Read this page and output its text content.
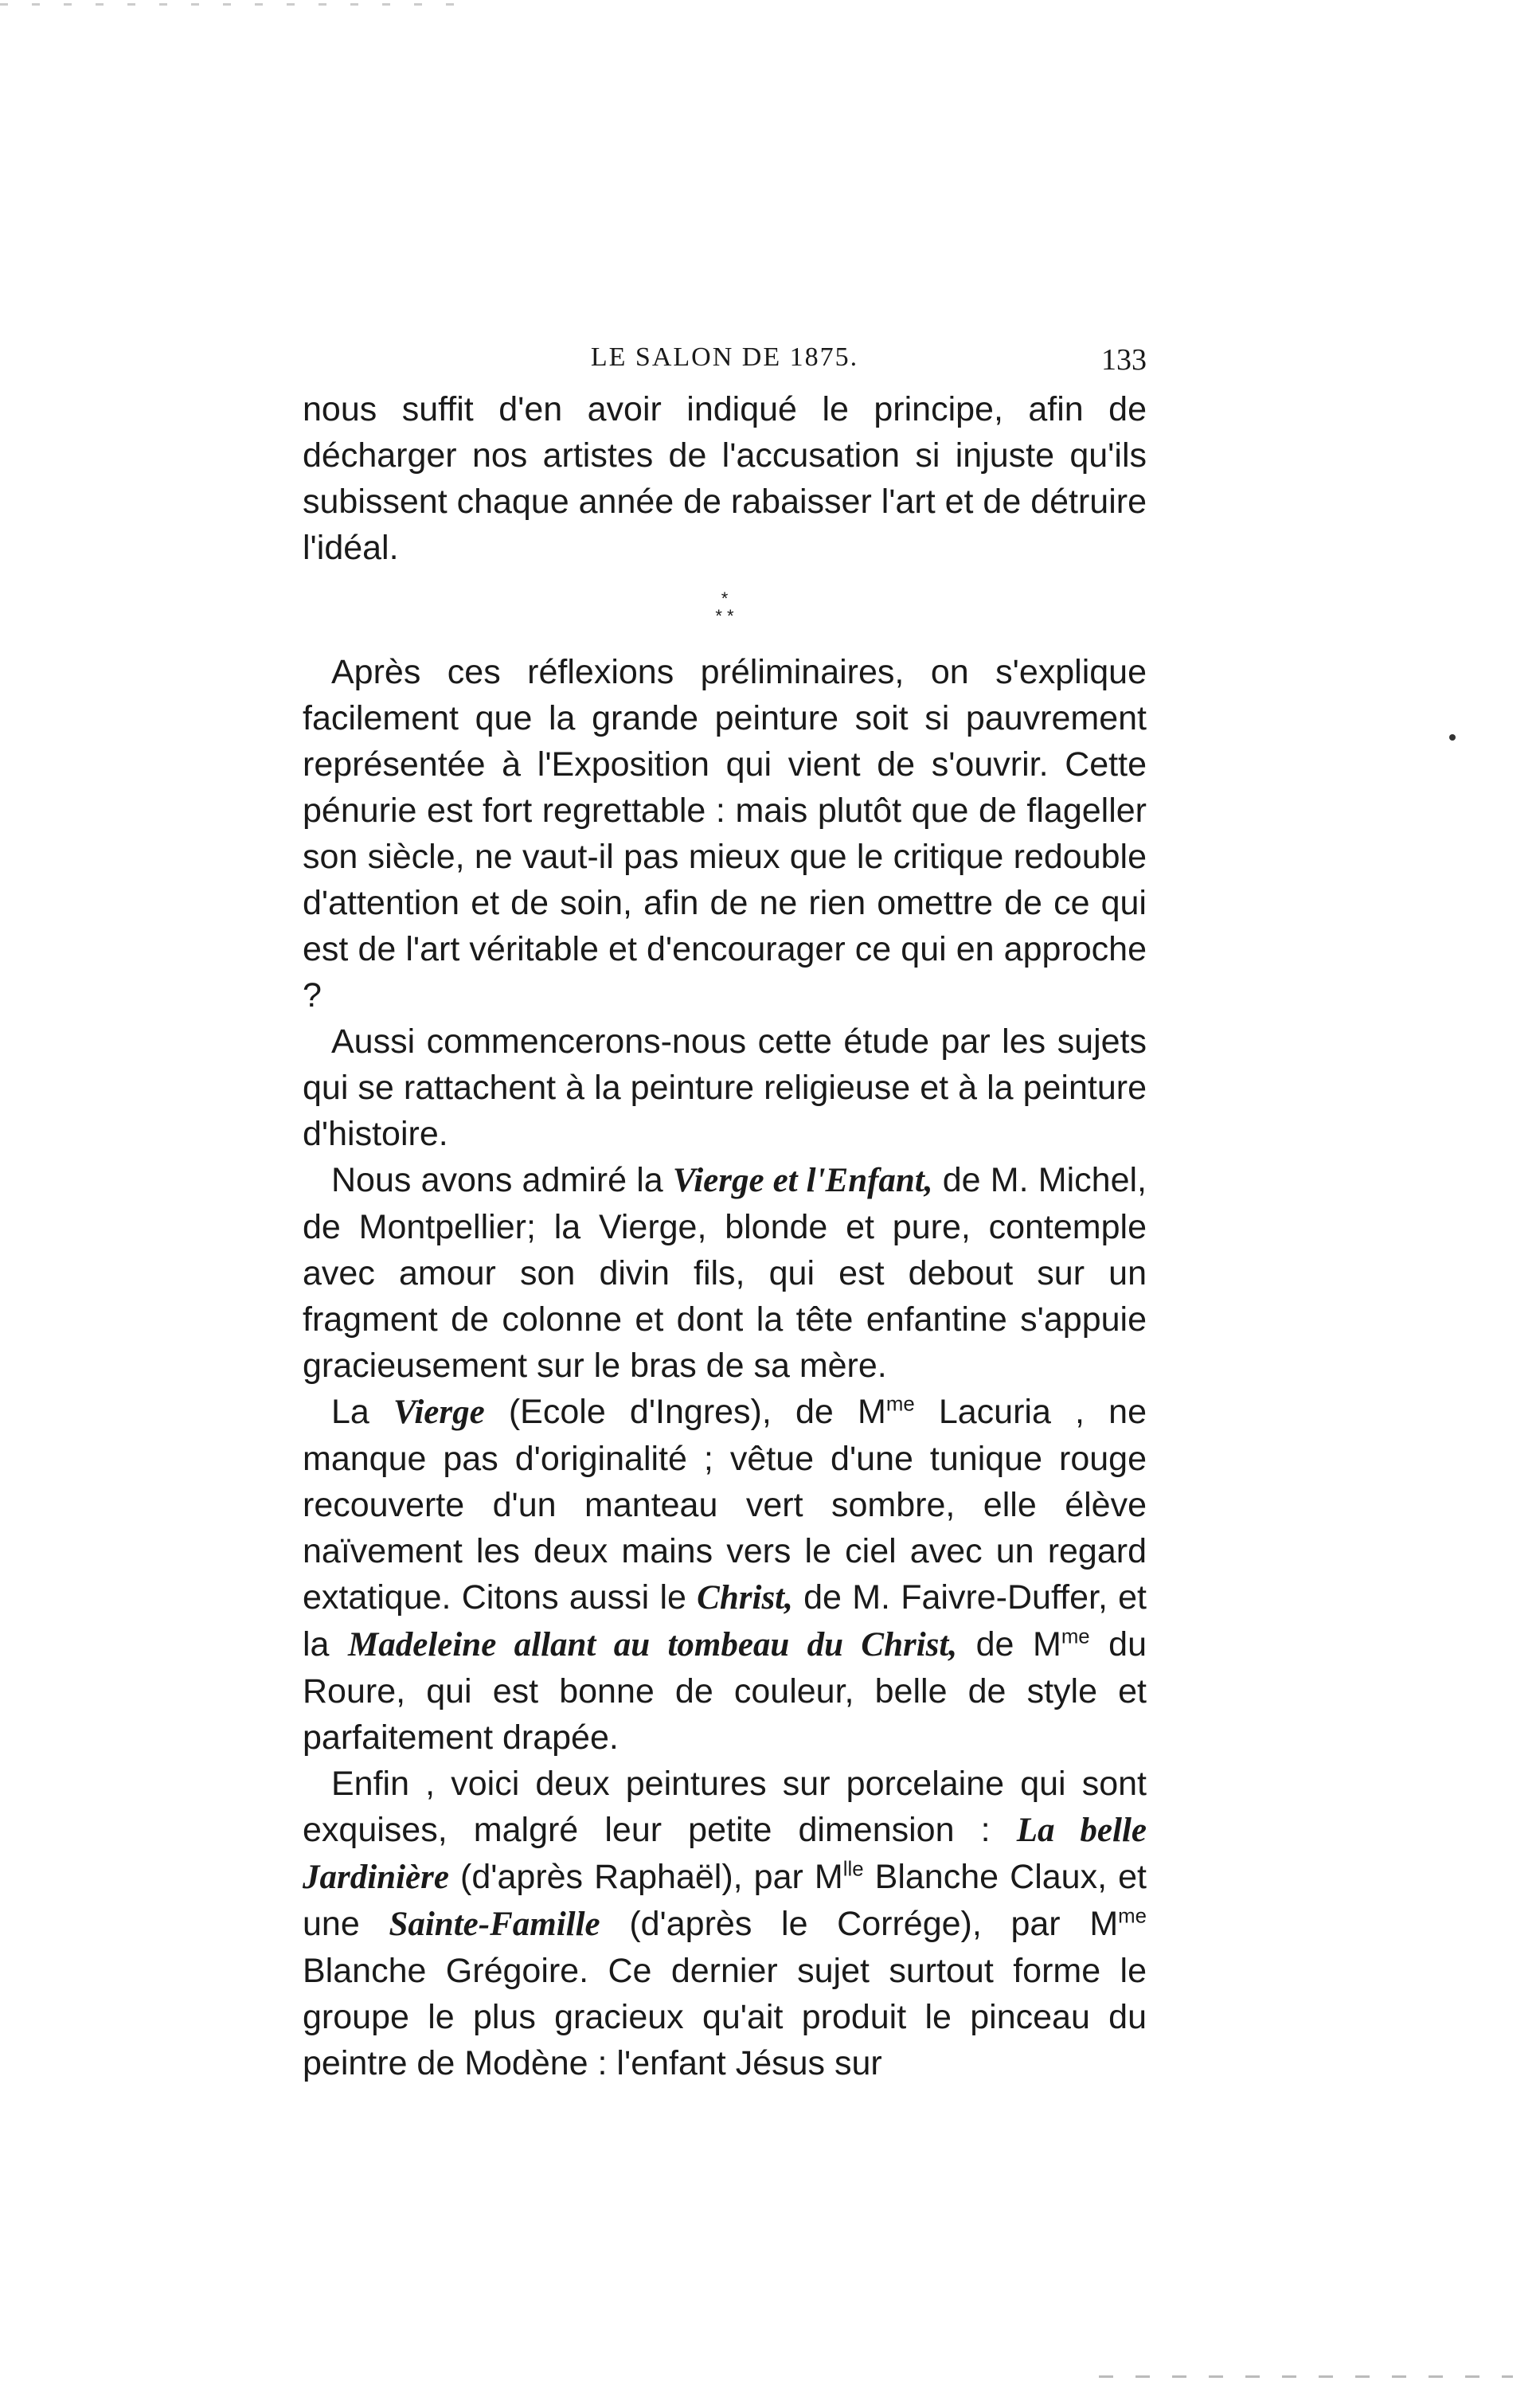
LE SALON DE 1875.	133

nous suffit d'en avoir indiqué le principe, afin de décharger nos artistes de l'accusation si injuste qu'ils subissent chaque année de rabaisser l'art et de détruire l'idéal.

*
* *

Après ces réflexions préliminaires, on s'explique facilement que la grande peinture soit si pauvrement représentée à l'Exposition qui vient de s'ouvrir. Cette pénurie est fort regrettable : mais plutôt que de flageller son siècle, ne vaut-il pas mieux que le critique redouble d'attention et de soin, afin de ne rien omettre de ce qui est de l'art véritable et d'encourager ce qui en approche ?

Aussi commencerons-nous cette étude par les sujets qui se rattachent à la peinture religieuse et à la peinture d'histoire.

Nous avons admiré la Vierge et l'Enfant, de M. Michel, de Montpellier; la Vierge, blonde et pure, contemple avec amour son divin fils, qui est debout sur un fragment de colonne et dont la tête enfantine s'appuie gracieusement sur le bras de sa mère.

La Vierge (Ecole d'Ingres), de $M^{me}$ Lacuria , ne manque pas d'originalité ; vêtue d'une tunique rouge recouverte d'un manteau vert sombre, elle élève naïvement les deux mains vers le ciel avec un regard extatique. Citons aussi le Christ, de M. Faivre-Duffer, et la Madeleine allant au tombeau du Christ, de $M^{me}$ du Roure, qui est bonne de couleur, belle de style et parfaitement drapée.

Enfin , voici deux peintures sur porcelaine qui sont exquises, malgré leur petite dimension : La belle Jardinière (d'après Raphaël), par $M^{lle}$ Blanche Claux, et une Sainte-Famille (d'après le Corrége), par $M^{me}$ Blanche Grégoire. Ce dernier sujet surtout forme le groupe le plus gracieux qu'ait produit le pinceau du peintre de Modène : l'enfant Jésus sur
